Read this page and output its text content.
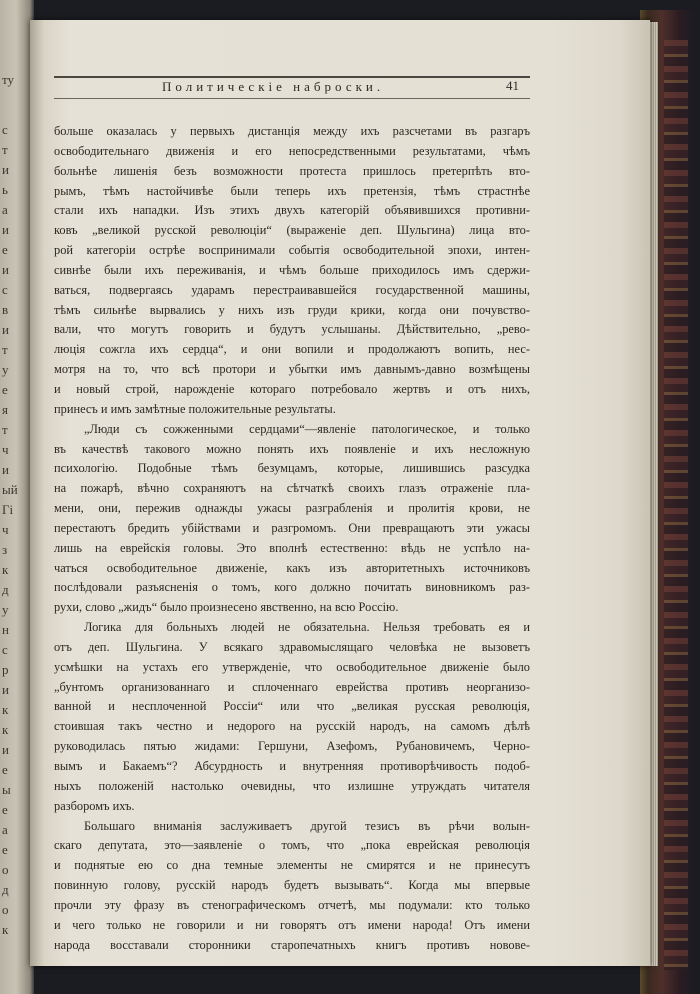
ту
с
т
и
ь
а
и
е
и
с
в
и
т
у
е
я
т
ч
и
ый
Гі
ч
з
к
д
у
н
с
р
и
к
к
и
е
ы
е
а
е
о
д
о
к
Политическіе наброски.	41
больше оказалась у первыхъ дистанція между ихъ разсчетами въ разгаръ
освободительнаго движенія и его непосредственными результатами, чѣмъ
больнѣе лишенія безъ возможности протеста пришлось претерпѣть вто-
рымъ, тѣмъ настойчивѣе были теперь ихъ претензія, тѣмъ страстнѣе
стали ихъ нападки. Изъ этихъ двухъ категорій объявившихся противни-
ковъ „великой русской революціи“ (выраженіе деп. Шульгина) лица вто-
рой категоріи острѣе воспринимали событія освободительной эпохи, интен-
сивнѣе были ихъ переживанія, и чѣмъ больше приходилось имъ сдержи-
ваться, подвергаясь ударамъ перестраивавшейся государственной машины,
тѣмъ сильнѣе вырвались у нихъ изъ груди крики, когда они почувство-
вали, что могутъ говорить и будутъ услышаны. Дѣйствительно, „рево-
люція сожгла ихъ сердца“, и они вопили и продолжаютъ вопить, нес-
мотря на то, что всѣ протори и убытки имъ давнымъ-давно возмѣщены
и новый строй, нарожденіе котораго потребовало жертвъ и отъ нихъ,
принесъ и имъ замѣтные положительные результаты.
„Люди съ сожженными сердцами“—явленіе патологическое, и только
въ качествѣ такового можно понять ихъ появленіе и ихъ несложную
психологію. Подобные тѣмъ безумцамъ, которые, лишившись разсудка
на пожарѣ, вѣчно сохраняютъ на сѣтчаткѣ своихъ глазъ отраженіе пла-
мени, они, пережив однажды ужасы разграбленія и пролитія крови, не
перестаютъ бредить убійствами и разгромомъ. Они превращаютъ эти ужасы
лишь на еврейскія головы. Это вполнѣ естественно: вѣдь не успѣло на-
чаться освободительное движеніе, какъ изъ авторитетныхъ источниковъ
послѣдовали разъясненія о томъ, кого должно почитать виновникомъ раз-
рухи, слово „жидъ“ было произнесено явственно, на всю Россію.
Логика для больныхъ людей не обязательна. Нельзя требовать ея и
отъ деп. Шульгина. У всякаго здравомыслящаго человѣка не вызоветъ
усмѣшки на устахъ его утвержденіе, что освободительное движеніе было
„бунтомъ организованнаго и сплоченнаго еврейства противъ неорганизо-
ванной и несплоченной Россіи“ или что „великая русская революція,
стоившая такъ честно и недорого на русскій народъ, на самомъ дѣлѣ
руководилась пятью жидами: Гершуни, Азефомъ, Рубановичемъ, Черно-
вымъ и Бакаемъ“? Абсурдность и внутренняя противорѣчивость подоб-
ныхъ положеній настолько очевидны, что излишне утруждать читателя
разборомъ ихъ.
Большаго вниманія заслуживаетъ другой тезисъ въ рѣчи волын-
скаго депутата, это—заявленіе о томъ, что „пока еврейская революція
и поднятые ею со дна темные элементы не смирятся и не принесутъ
повинную голову, русскій народъ будетъ вызывать“. Когда мы впервые
прочли эту фразу въ стенографическомъ отчетѣ, мы подумали: кто только
и чего только не говорили и ни говорятъ отъ имени народа! Отъ имени
народа восставали сторонники старопечатныхъ книгъ противъ новове-
